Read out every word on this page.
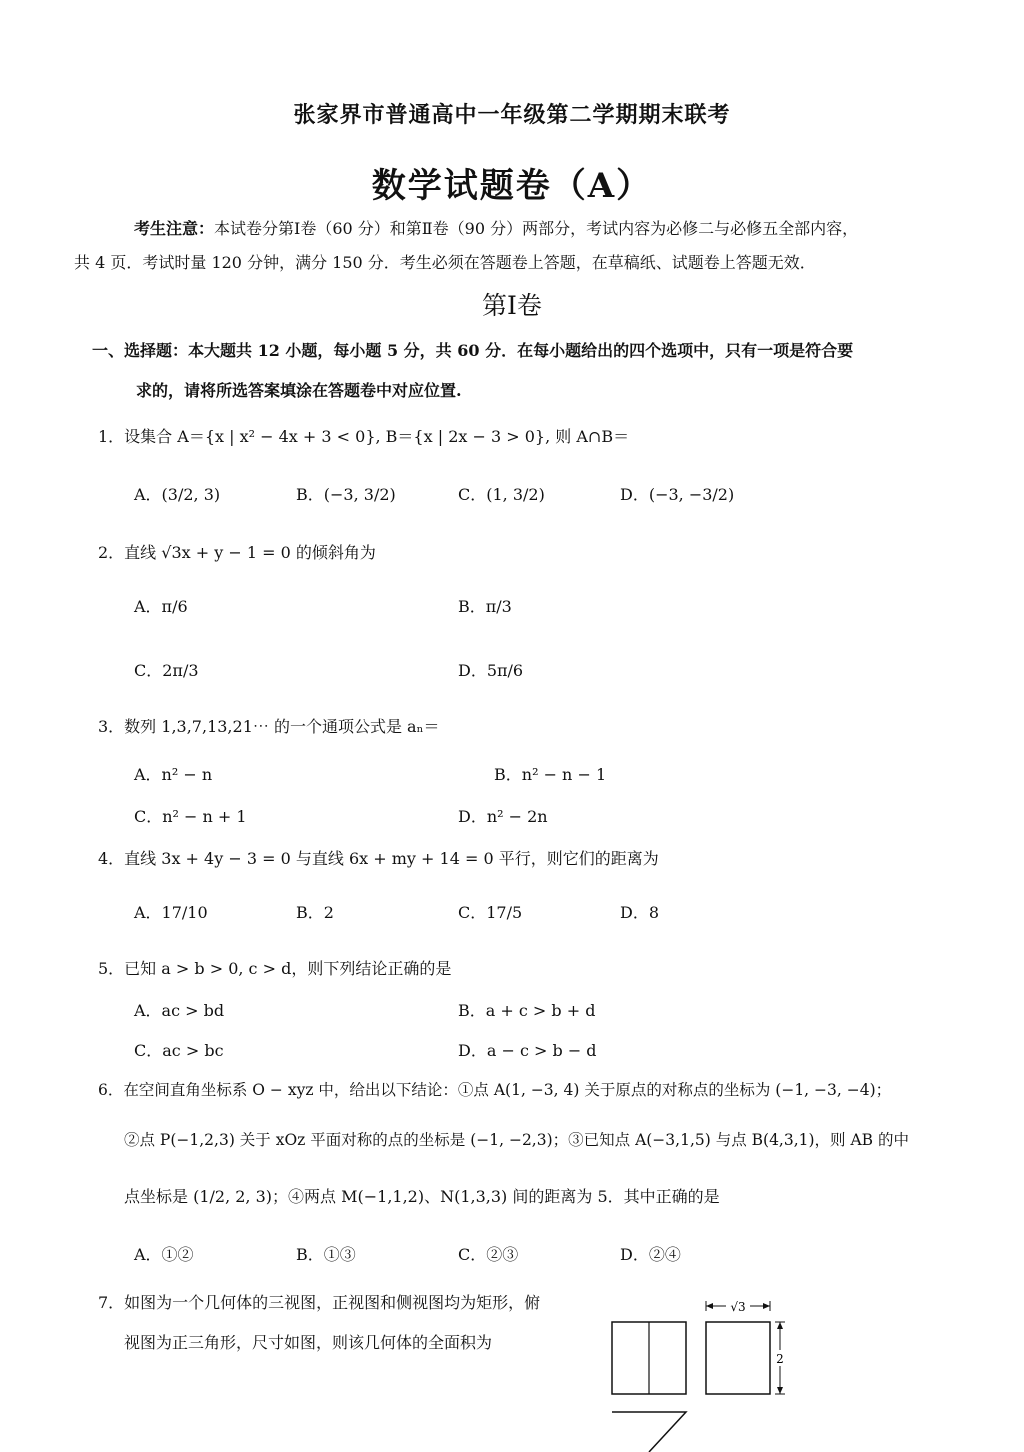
张家界市普通高中一年级第二学期期末联考
数学试题卷（A）
考生注意：本试卷分第Ⅰ卷（60 分）和第Ⅱ卷（90 分）两部分，考试内容为必修二与必修五全部内容，
共 4 页．考试时量 120 分钟，满分 150 分．考生必须在答题卷上答题，在草稿纸、试题卷上答题无效．
第Ⅰ卷
一、选择题：本大题共 12 小题，每小题 5 分，共 60 分．在每小题给出的四个选项中，只有一项是符合要
求的，请将所选答案填涂在答题卷中对应位置.
1．设集合 A＝{x | x² − 4x + 3 < 0}, B＝{x | 2x − 3 > 0}, 则 A∩B＝
A．(3/2, 3)	B．(−3, 3/2)	C．(1, 3/2)	D．(−3, −3/2)
2．直线 √3x + y − 1 = 0 的倾斜角为
A．π/6	B．π/3
C．2π/3	D．5π/6
3．数列 1,3,7,13,21⋯ 的一个通项公式是 aₙ＝
A．n² − n	B．n² − n − 1
C．n² − n + 1	D．n² − 2n
4．直线 3x + 4y − 3 = 0 与直线 6x + my + 14 = 0 平行，则它们的距离为
A．17/10	B．2	C．17/5	D．8
5．已知 a > b > 0, c > d，则下列结论正确的是
A．ac > bd	B．a + c > b + d
C．ac > bc	D．a − c > b − d
6．在空间直角坐标系 O − xyz 中，给出以下结论：①点 A(1, −3, 4) 关于原点的对称点的坐标为 (−1, −3, −4)；
②点 P(−1,2,3) 关于 xOz 平面对称的点的坐标是 (−1, −2,3)；③已知点 A(−3,1,5) 与点 B(4,3,1)，则 AB 的中
点坐标是 (1/2, 2, 3)；④两点 M(−1,1,2)、N(1,3,3) 间的距离为 5．其中正确的是
A．①②	B．①③	C．②③	D．②④
7．如图为一个几何体的三视图，正视图和侧视图均为矩形，俯
视图为正三角形，尺寸如图，则该几何体的全面积为
√3
2
